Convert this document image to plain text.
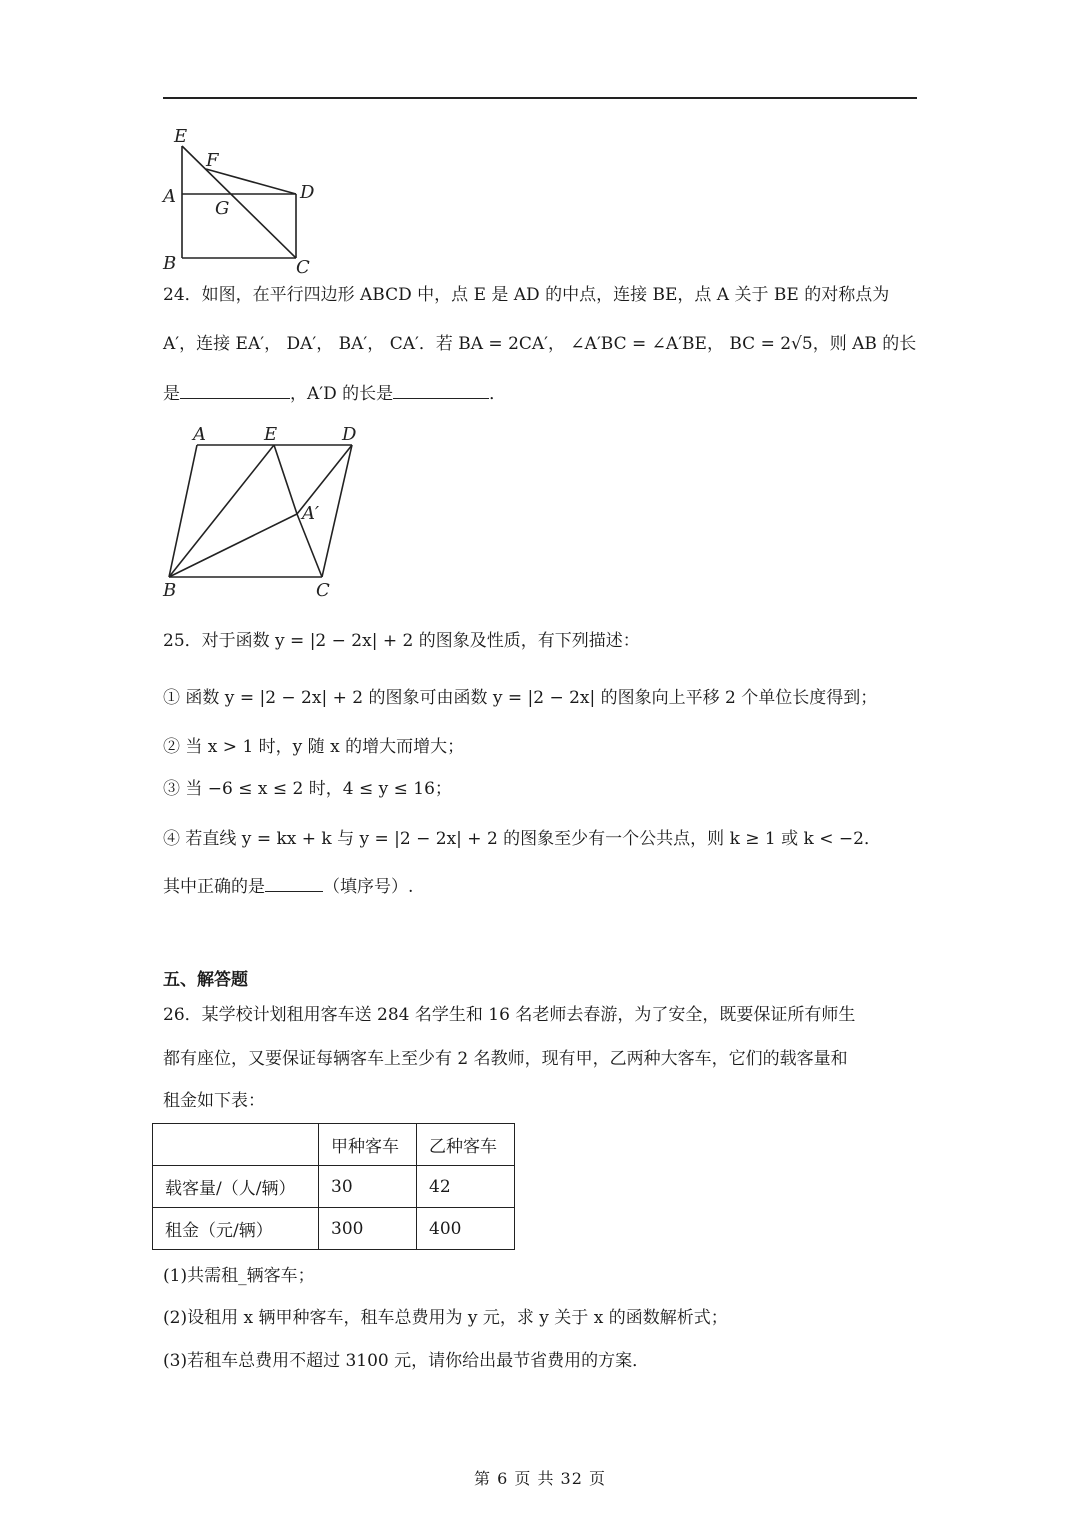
E
F
A
G
D
B	C
24．如图，在平行四边形 ABCD 中，点 E 是 AD 的中点，连接 BE，点 A 关于 BE 的对称点为
A′，连接 EA′， DA′， BA′， CA′．若 BA = 2CA′， ∠A′BC = ∠A′BE， BC = 2√5，则 AB 的长
是	，A′D 的长是	．
A	E	D
A′
B	C
25．对于函数 y = |2 − 2x| + 2 的图象及性质，有下列描述：
① 函数 y = |2 − 2x| + 2 的图象可由函数 y = |2 − 2x| 的图象向上平移 2 个单位长度得到；
② 当 x > 1 时，y 随 x 的增大而增大；
③ 当 −6 ≤ x ≤ 2 时，4 ≤ y ≤ 16；
④ 若直线 y = kx + k 与 y = |2 − 2x| + 2 的图象至少有一个公共点，则 k ≥ 1 或 k < −2．
其中正确的是	（填序号）.
五、解答题
26．某学校计划租用客车送 284 名学生和 16 名老师去春游，为了安全，既要保证所有师生
都有座位，又要保证每辆客车上至少有 2 名教师，现有甲，乙两种大客车，它们的载客量和
租金如下表：
	甲种客车	乙种客车
载客量/（人/辆）	30	42
租金（元/辆）	300	400
(1)共需租_辆客车；
(2)设租用 x 辆甲种客车，租车总费用为 y 元，求 y 关于 x 的函数解析式；
(3)若租车总费用不超过 3100 元，请你给出最节省费用的方案．
第 6 页 共 32 页
